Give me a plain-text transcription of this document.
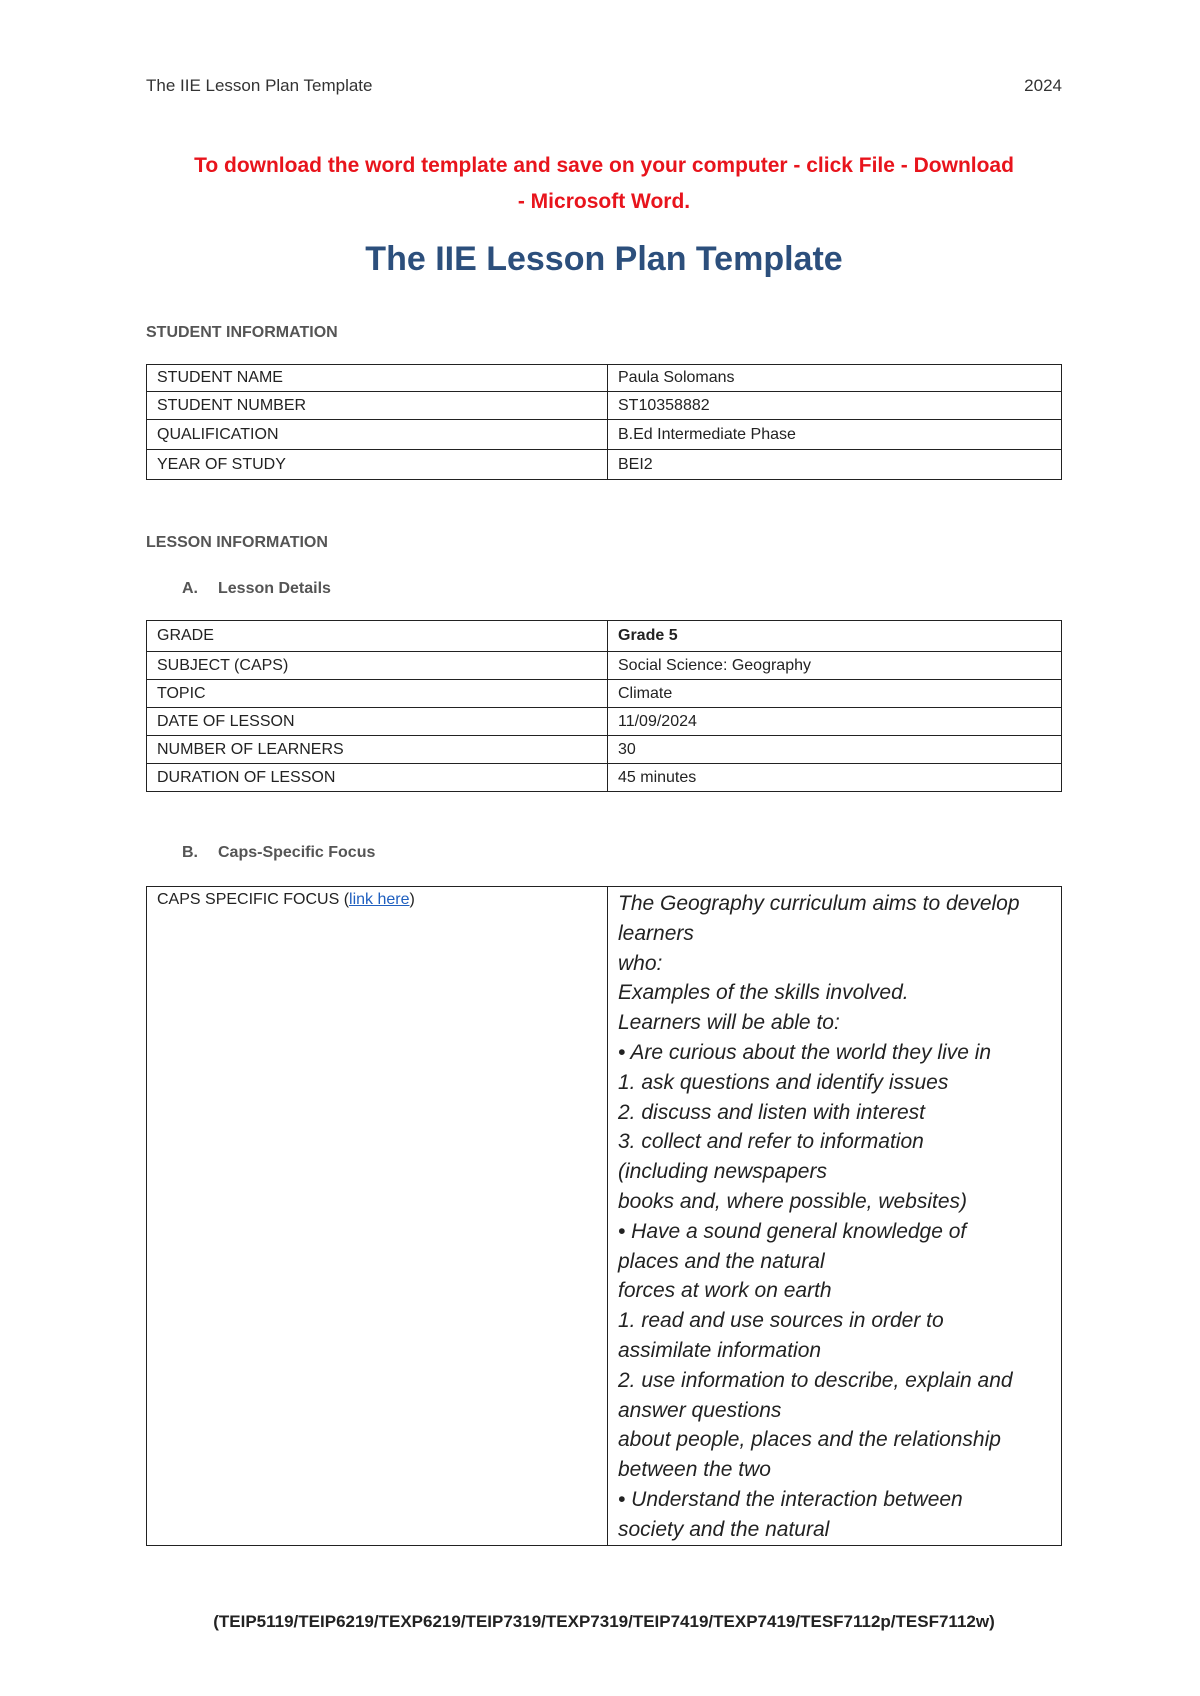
The IIE Lesson Plan Template	2024
To download the word template and save on your computer - click File - Download
- Microsoft Word.
The IIE Lesson Plan Template
STUDENT INFORMATION
STUDENT NAME	Paula Solomans
STUDENT NUMBER	ST10358882
QUALIFICATION	B.Ed Intermediate Phase
YEAR OF STUDY	BEI2
LESSON INFORMATION
A. Lesson Details
GRADE	Grade 5
SUBJECT (CAPS)	Social Science: Geography
TOPIC	Climate
DATE OF LESSON	11/09/2024
NUMBER OF LEARNERS	30
DURATION OF LESSON	45 minutes
B. Caps-Specific Focus
CAPS SPECIFIC FOCUS (link here)	The Geography curriculum aims to develop
learners
who:
Examples of the skills involved.
Learners will be able to:
• Are curious about the world they live in
1. ask questions and identify issues
2. discuss and listen with interest
3. collect and refer to information
(including newspapers
books and, where possible, websites)
• Have a sound general knowledge of
places and the natural
forces at work on earth
1. read and use sources in order to
assimilate information
2. use information to describe, explain and
answer questions
about people, places and the relationship
between the two
• Understand the interaction between
society and the natural
(TEIP5119/TEIP6219/TEXP6219/TEIP7319/TEXP7319/TEIP7419/TEXP7419/TESF7112p/TESF7112w)
